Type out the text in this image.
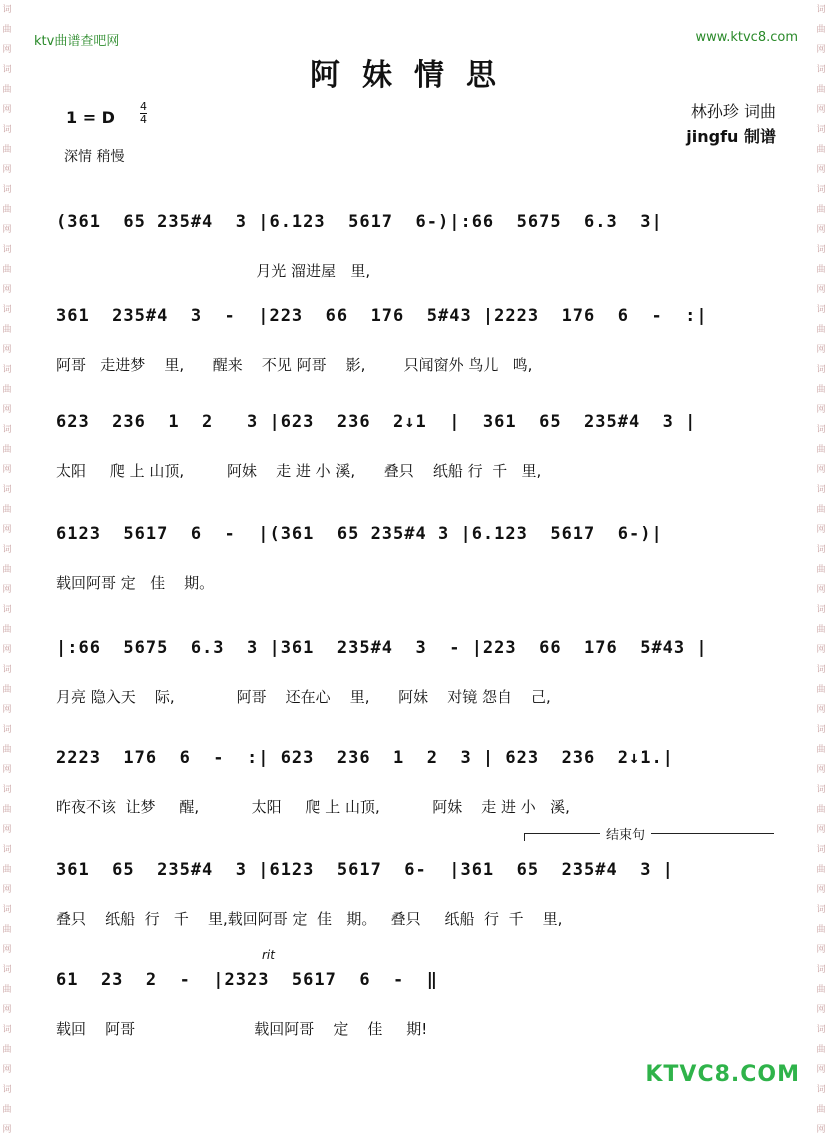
词
曲
网
词
曲
网
词
曲
网
词
曲
网
词
曲
网
词
曲
网
词
曲
网
词
曲
网
词
曲
网
词
曲
网
词
曲
网
词
曲
网
词
曲
网
词
曲
网
词
曲
网
词
曲
网
词
曲
网
词
曲
网
词
曲
网
词
曲
网
词
曲
网
词
曲
网
词
曲
网
词
曲
网
词
曲
网
词
曲
网
词
曲
网
词
曲
网
词
曲
网
词
曲
网
词
曲
网
词
曲
网
词
曲
网
词
曲
网
词
曲
网
词
曲
网
词
曲
网
词
曲
网
ktv曲谱查吧网	www.ktvc8.com
阿妹情思
1 = D
4
4
深情 稍慢
林孙珍 词曲
jingfu 制谱
(361  65 235#4  3 |6.123  5617  6-)|:66  5675  6.3  3|
月光 溜进屋   里,
361  235#4  3  -  |223  66  176  5#43 |2223  176  6  -  :|
阿哥   走进梦    里,      醒来    不见 阿哥    影,        只闻窗外 鸟儿   鸣,
623  236  1  2   3 |623  236  2↓1  |  361  65  235#4  3 |
太阳     爬 上 山顶,         阿妹    走 进 小 溪,      叠只    纸船 行  千   里,
6123  5617  6  -  |(361  65 235#4 3 |6.123  5617  6-)|
载回阿哥 定   佳    期。
|:66  5675  6.3  3 |361  235#4  3  - |223  66  176  5#43 |
月亮 隐入天    际,             阿哥    还在心    里,      阿妹    对镜 怨自    己,
2223  176  6  -  :| 623  236  1  2  3 | 623  236  2↓1.|
昨夜不该  让梦     醒,           太阳     爬 上 山顶,           阿妹    走 进 小   溪,
结束句
361  65  235#4  3 |6123  5617  6-  |361  65  235#4  3 |
叠只    纸船  行   千    里,载回阿哥 定  佳   期。   叠只     纸船  行  千    里,
rit
61  23  2  -  |2323  5617  6  -  ‖
载回    阿哥                         载回阿哥    定    佳     期!
KTVC8.COM
